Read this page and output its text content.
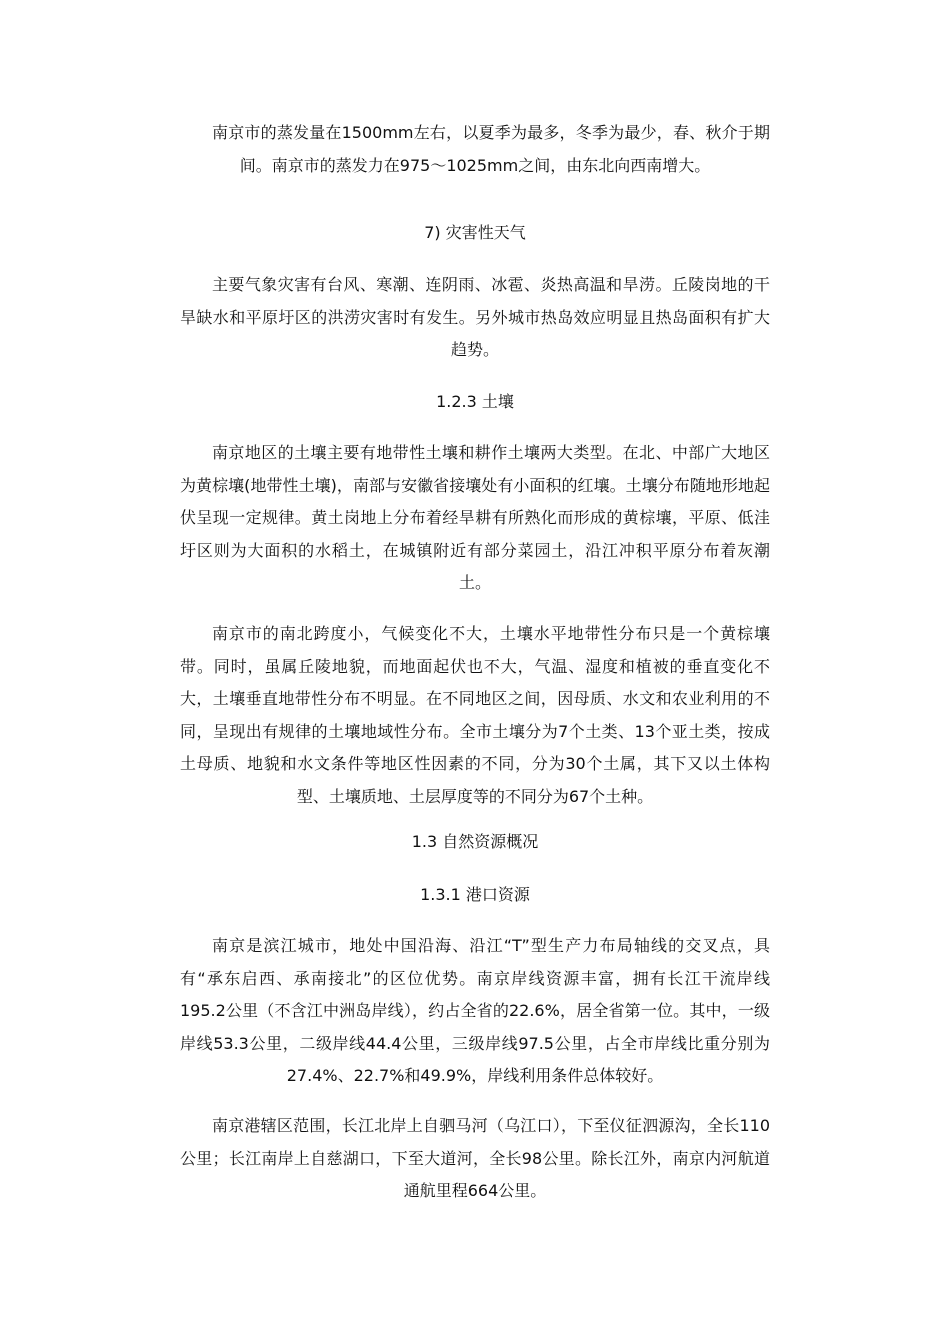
南京市的蒸发量在1500mm左右，以夏季为最多，冬季为最少，春、秋介于期间。南京市的蒸发力在975～1025mm之间，由东北向西南增大。

7) 灾害性天气

主要气象灾害有台风、寒潮、连阴雨、冰雹、炎热高温和旱涝。丘陵岗地的干旱缺水和平原圩区的洪涝灾害时有发生。另外城市热岛效应明显且热岛面积有扩大趋势。

1.2.3 土壤

南京地区的土壤主要有地带性土壤和耕作土壤两大类型。在北、中部广大地区为黄棕壤(地带性土壤)，南部与安徽省接壤处有小面积的红壤。土壤分布随地形地起伏呈现一定规律。黄土岗地上分布着经旱耕有所熟化而形成的黄棕壤，平原、低洼圩区则为大面积的水稻土，在城镇附近有部分菜园土，沿江冲积平原分布着灰潮土。

南京市的南北跨度小，气候变化不大，土壤水平地带性分布只是一个黄棕壤带。同时，虽属丘陵地貌，而地面起伏也不大，气温、湿度和植被的垂直变化不大，土壤垂直地带性分布不明显。在不同地区之间，因母质、水文和农业利用的不同，呈现出有规律的土壤地域性分布。全市土壤分为7个土类、13个亚土类，按成土母质、地貌和水文条件等地区性因素的不同，分为30个土属，其下又以土体构型、土壤质地、土层厚度等的不同分为67个土种。

1.3 自然资源概况

1.3.1 港口资源

南京是滨江城市，地处中国沿海、沿江“T”型生产力布局轴线的交叉点，具有“承东启西、承南接北”的区位优势。南京岸线资源丰富，拥有长江干流岸线195.2公里（不含江中洲岛岸线），约占全省的22.6%，居全省第一位。其中，一级岸线53.3公里，二级岸线44.4公里，三级岸线97.5公里，占全市岸线比重分别为27.4%、22.7%和49.9%，岸线利用条件总体较好。

南京港辖区范围，长江北岸上自驷马河（乌江口），下至仪征泗源沟，全长110公里；长江南岸上自慈湖口，下至大道河，全长98公里。除长江外，南京内河航道通航里程664公里。
